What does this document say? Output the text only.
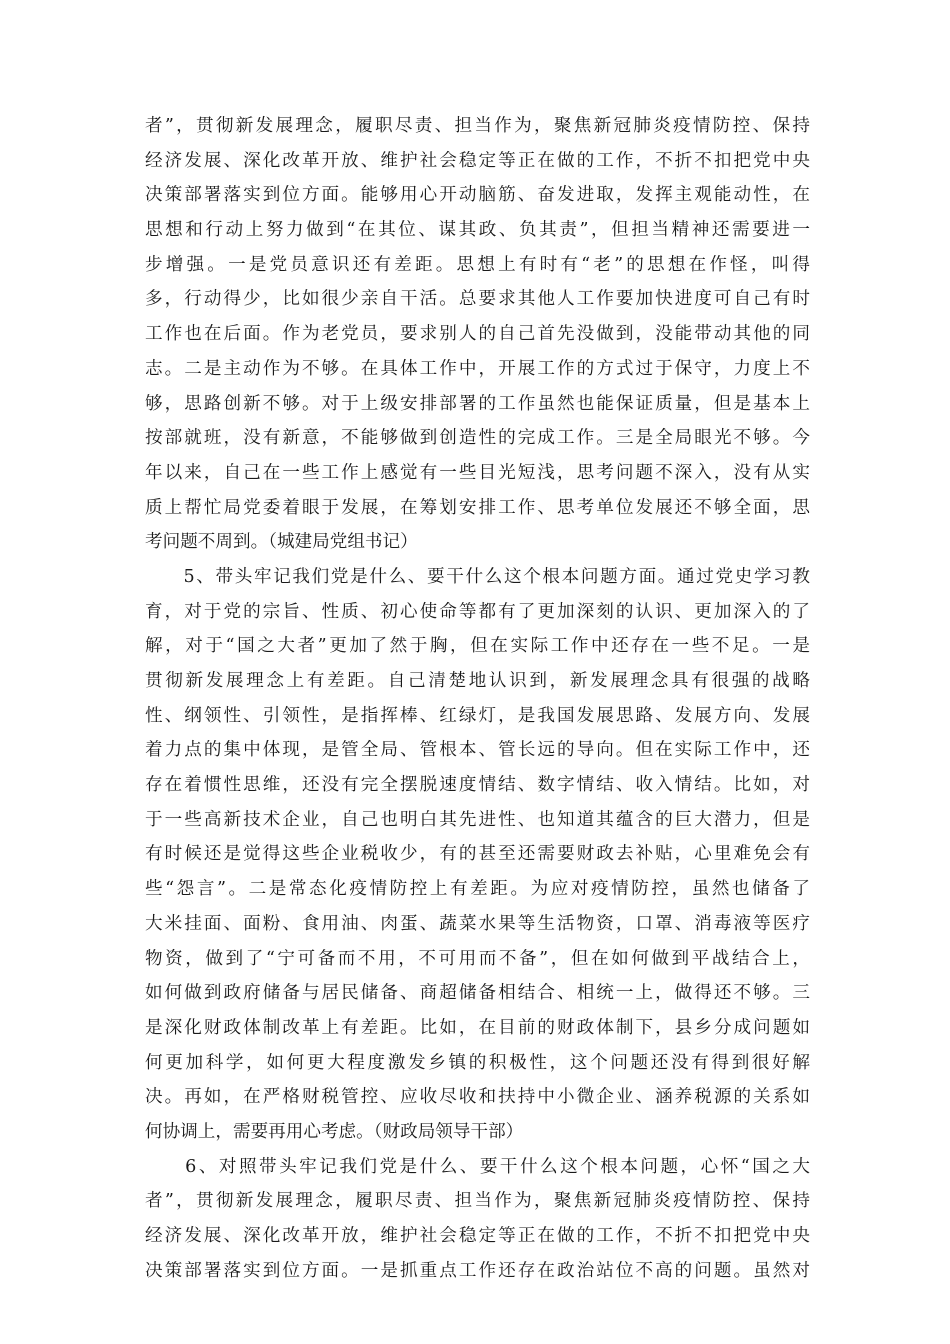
者”，贯彻新发展理念，履职尽责、担当作为，聚焦新冠肺炎疫情防控、保持
经济发展、深化改革开放、维护社会稳定等正在做的工作，不折不扣把党中央
决策部署落实到位方面。能够用心开动脑筋、奋发进取，发挥主观能动性，在
思想和行动上努力做到“在其位、谋其政、负其责”，但担当精神还需要进一
步增强。一是党员意识还有差距。思想上有时有“老”的思想在作怪，叫得
多，行动得少，比如很少亲自干活。总要求其他人工作要加快进度可自己有时
工作也在后面。作为老党员，要求别人的自己首先没做到，没能带动其他的同
志。二是主动作为不够。在具体工作中，开展工作的方式过于保守，力度上不
够，思路创新不够。对于上级安排部署的工作虽然也能保证质量，但是基本上
按部就班，没有新意，不能够做到创造性的完成工作。三是全局眼光不够。今
年以来，自己在一些工作上感觉有一些目光短浅，思考问题不深入，没有从实
质上帮忙局党委着眼于发展，在筹划安排工作、思考单位发展还不够全面，思
考问题不周到。（城建局党组书记）
　　5、带头牢记我们党是什么、要干什么这个根本问题方面。通过党史学习教
育，对于党的宗旨、性质、初心使命等都有了更加深刻的认识、更加深入的了
解，对于“国之大者”更加了然于胸，但在实际工作中还存在一些不足。一是
贯彻新发展理念上有差距。自己清楚地认识到，新发展理念具有很强的战略
性、纲领性、引领性，是指挥棒、红绿灯，是我国发展思路、发展方向、发展
着力点的集中体现，是管全局、管根本、管长远的导向。但在实际工作中，还
存在着惯性思维，还没有完全摆脱速度情结、数字情结、收入情结。比如，对
于一些高新技术企业，自己也明白其先进性、也知道其蕴含的巨大潜力，但是
有时候还是觉得这些企业税收少，有的甚至还需要财政去补贴，心里难免会有
些“怨言”。二是常态化疫情防控上有差距。为应对疫情防控，虽然也储备了
大米挂面、面粉、食用油、肉蛋、蔬菜水果等生活物资，口罩、消毒液等医疗
物资，做到了“宁可备而不用，不可用而不备”，但在如何做到平战结合上，
如何做到政府储备与居民储备、商超储备相结合、相统一上，做得还不够。三
是深化财政体制改革上有差距。比如，在目前的财政体制下，县乡分成问题如
何更加科学，如何更大程度激发乡镇的积极性，这个问题还没有得到很好解
决。再如，在严格财税管控、应收尽收和扶持中小微企业、涵养税源的关系如
何协调上，需要再用心考虑。（财政局领导干部）
　　6、对照带头牢记我们党是什么、要干什么这个根本问题，心怀“国之大
者”，贯彻新发展理念，履职尽责、担当作为，聚焦新冠肺炎疫情防控、保持
经济发展、深化改革开放，维护社会稳定等正在做的工作，不折不扣把党中央
决策部署落实到位方面。一是抓重点工作还存在政治站位不高的问题。虽然对
